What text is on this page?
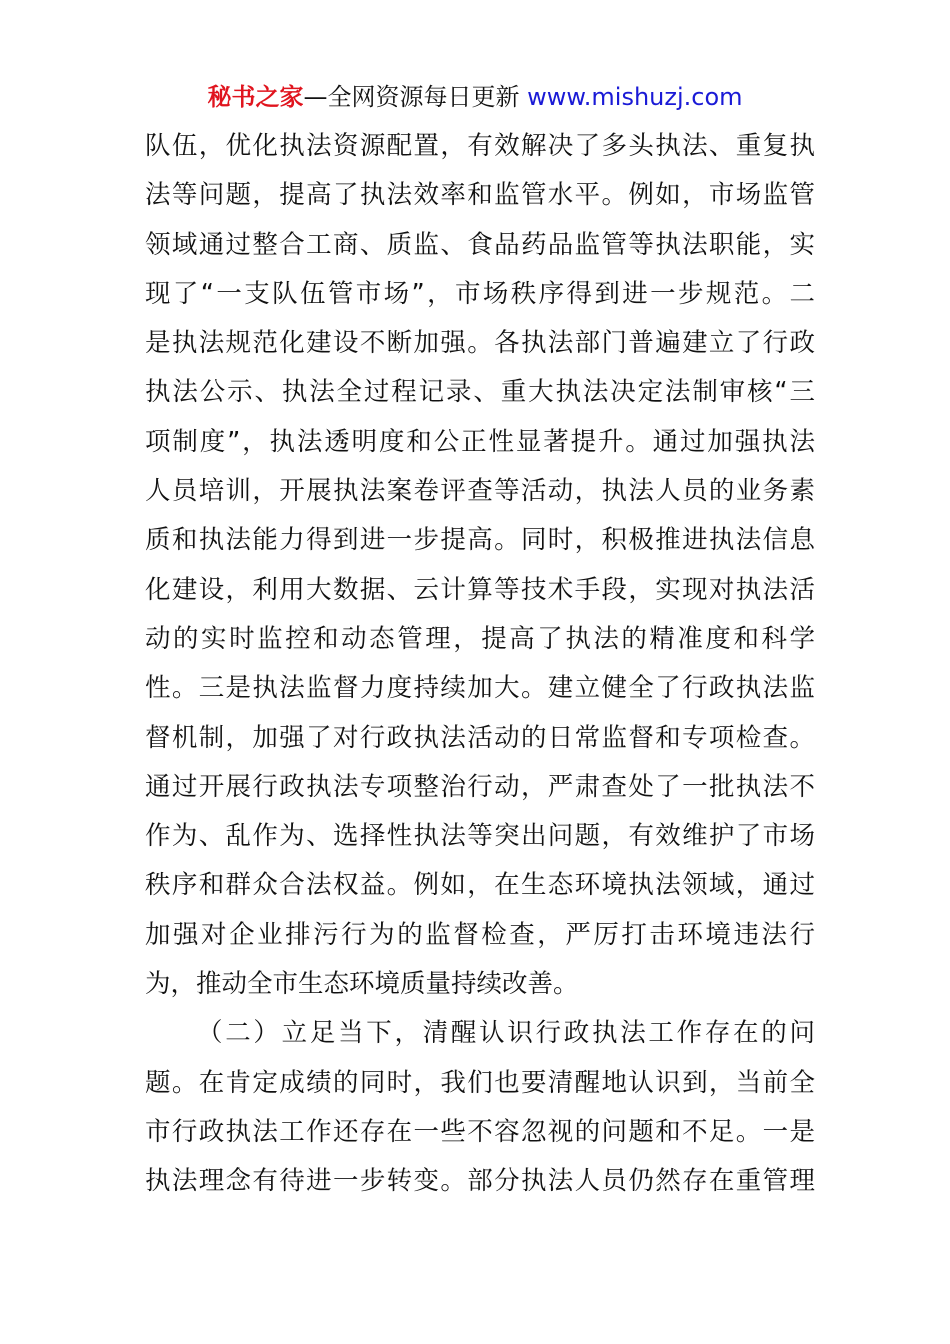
秘书之家—全网资源每日更新 www.mishuzj.com
队伍，优化执法资源配置，有效解决了多头执法、重复执
法等问题，提高了执法效率和监管水平。例如，市场监管
领域通过整合工商、质监、食品药品监管等执法职能，实
现了“一支队伍管市场”，市场秩序得到进一步规范。二
是执法规范化建设不断加强。各执法部门普遍建立了行政
执法公示、执法全过程记录、重大执法决定法制审核“三
项制度”，执法透明度和公正性显著提升。通过加强执法
人员培训，开展执法案卷评查等活动，执法人员的业务素
质和执法能力得到进一步提高。同时，积极推进执法信息
化建设，利用大数据、云计算等技术手段，实现对执法活
动的实时监控和动态管理，提高了执法的精准度和科学
性。三是执法监督力度持续加大。建立健全了行政执法监
督机制，加强了对行政执法活动的日常监督和专项检查。
通过开展行政执法专项整治行动，严肃查处了一批执法不
作为、乱作为、选择性执法等突出问题，有效维护了市场
秩序和群众合法权益。例如，在生态环境执法领域，通过
加强对企业排污行为的监督检查，严厉打击环境违法行
为，推动全市生态环境质量持续改善。
（二）立足当下，清醒认识行政执法工作存在的问
题。在肯定成绩的同时，我们也要清醒地认识到，当前全
市行政执法工作还存在一些不容忽视的问题和不足。一是
执法理念有待进一步转变。部分执法人员仍然存在重管理
